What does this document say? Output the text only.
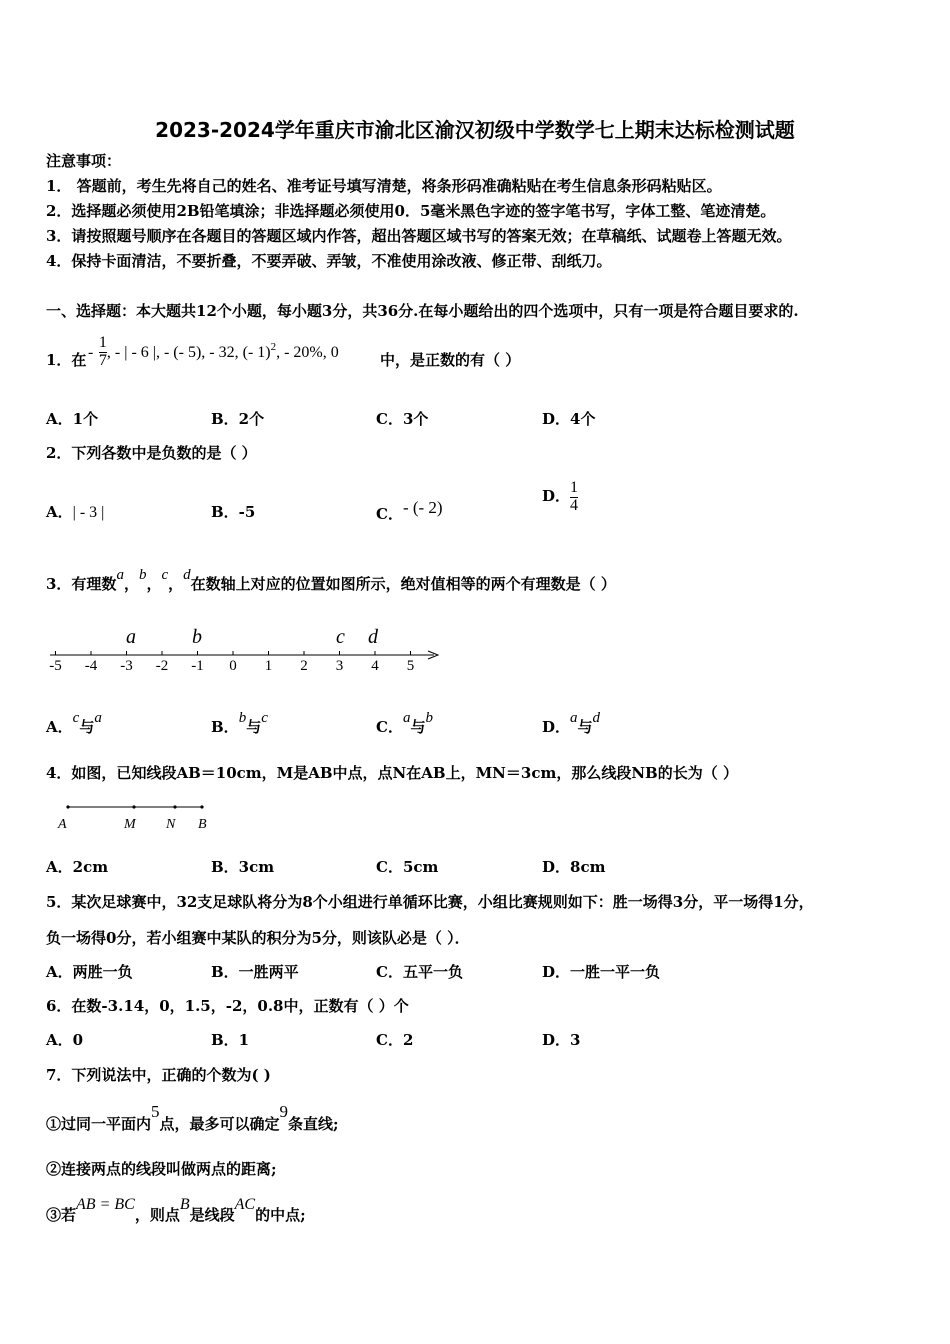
2023-2024学年重庆市渝北区渝汉初级中学数学七上期末达标检测试题
注意事项：
1． 答题前，考生先将自己的姓名、准考证号填写清楚，将条形码准确粘贴在考生信息条形码粘贴区。
2．选择题必须使用2B铅笔填涂；非选择题必须使用0．5毫米黑色字迹的签字笔书写，字体工整、笔迹清楚。
3．请按照题号顺序在各题目的答题区域内作答，超出答题区域书写的答案无效；在草稿纸、试题卷上答题无效。
4．保持卡面清洁，不要折叠，不要弄破、弄皱，不准使用涂改液、修正带、刮纸刀。
一、选择题：本大题共12个小题，每小题3分，共36分.在每小题给出的四个选项中，只有一项是符合题目要求的.
1．在 - $\frac{1}{7}$ , - | - 6 |, - (- 5), - 32, (- 1)$^2$, - 20%, 0	中，是正数的有（ ）
A．1个	B．2个	C．3个	D．4个
2．下列各数中是负数的是（ ）
A．| - 3 |	B．-5	C．- (- 2)
D． $\frac{1}{4}$
3．有理数a，b，c，d在数轴上对应的位置如图所示，绝对值相等的两个有理数是（ ）
-5 -4 -3 -2 -1 0 1 2 3 4 5
a	b	c d
A．c与a	B．b与c	C．a与b	D．a与d
4．如图，已知线段AB＝10cm，M是AB中点，点N在AB上，MN＝3cm，那么线段NB的长为（ ）
A	M N B
A．2cm	B．3cm	C．5cm	D．8cm
5．某次足球赛中，32支足球队将分为8个小组进行单循环比赛，小组比赛规则如下：胜一场得3分，平一场得1分，
负一场得0分，若小组赛中某队的积分为5分，则该队必是（ ）．
A．两胜一负	B．一胜两平	C．五平一负	D．一胜一平一负
6．在数-3.14，0，1.5，-2，0.8中，正数有（ ）个
A．0	B．1	C．2	D．3
7．下列说法中，正确的个数为( )
①过同一平面内5点，最多可以确定9条直线;
②连接两点的线段叫做两点的距离;
③若AB = BC，则点B是线段AC的中点;
